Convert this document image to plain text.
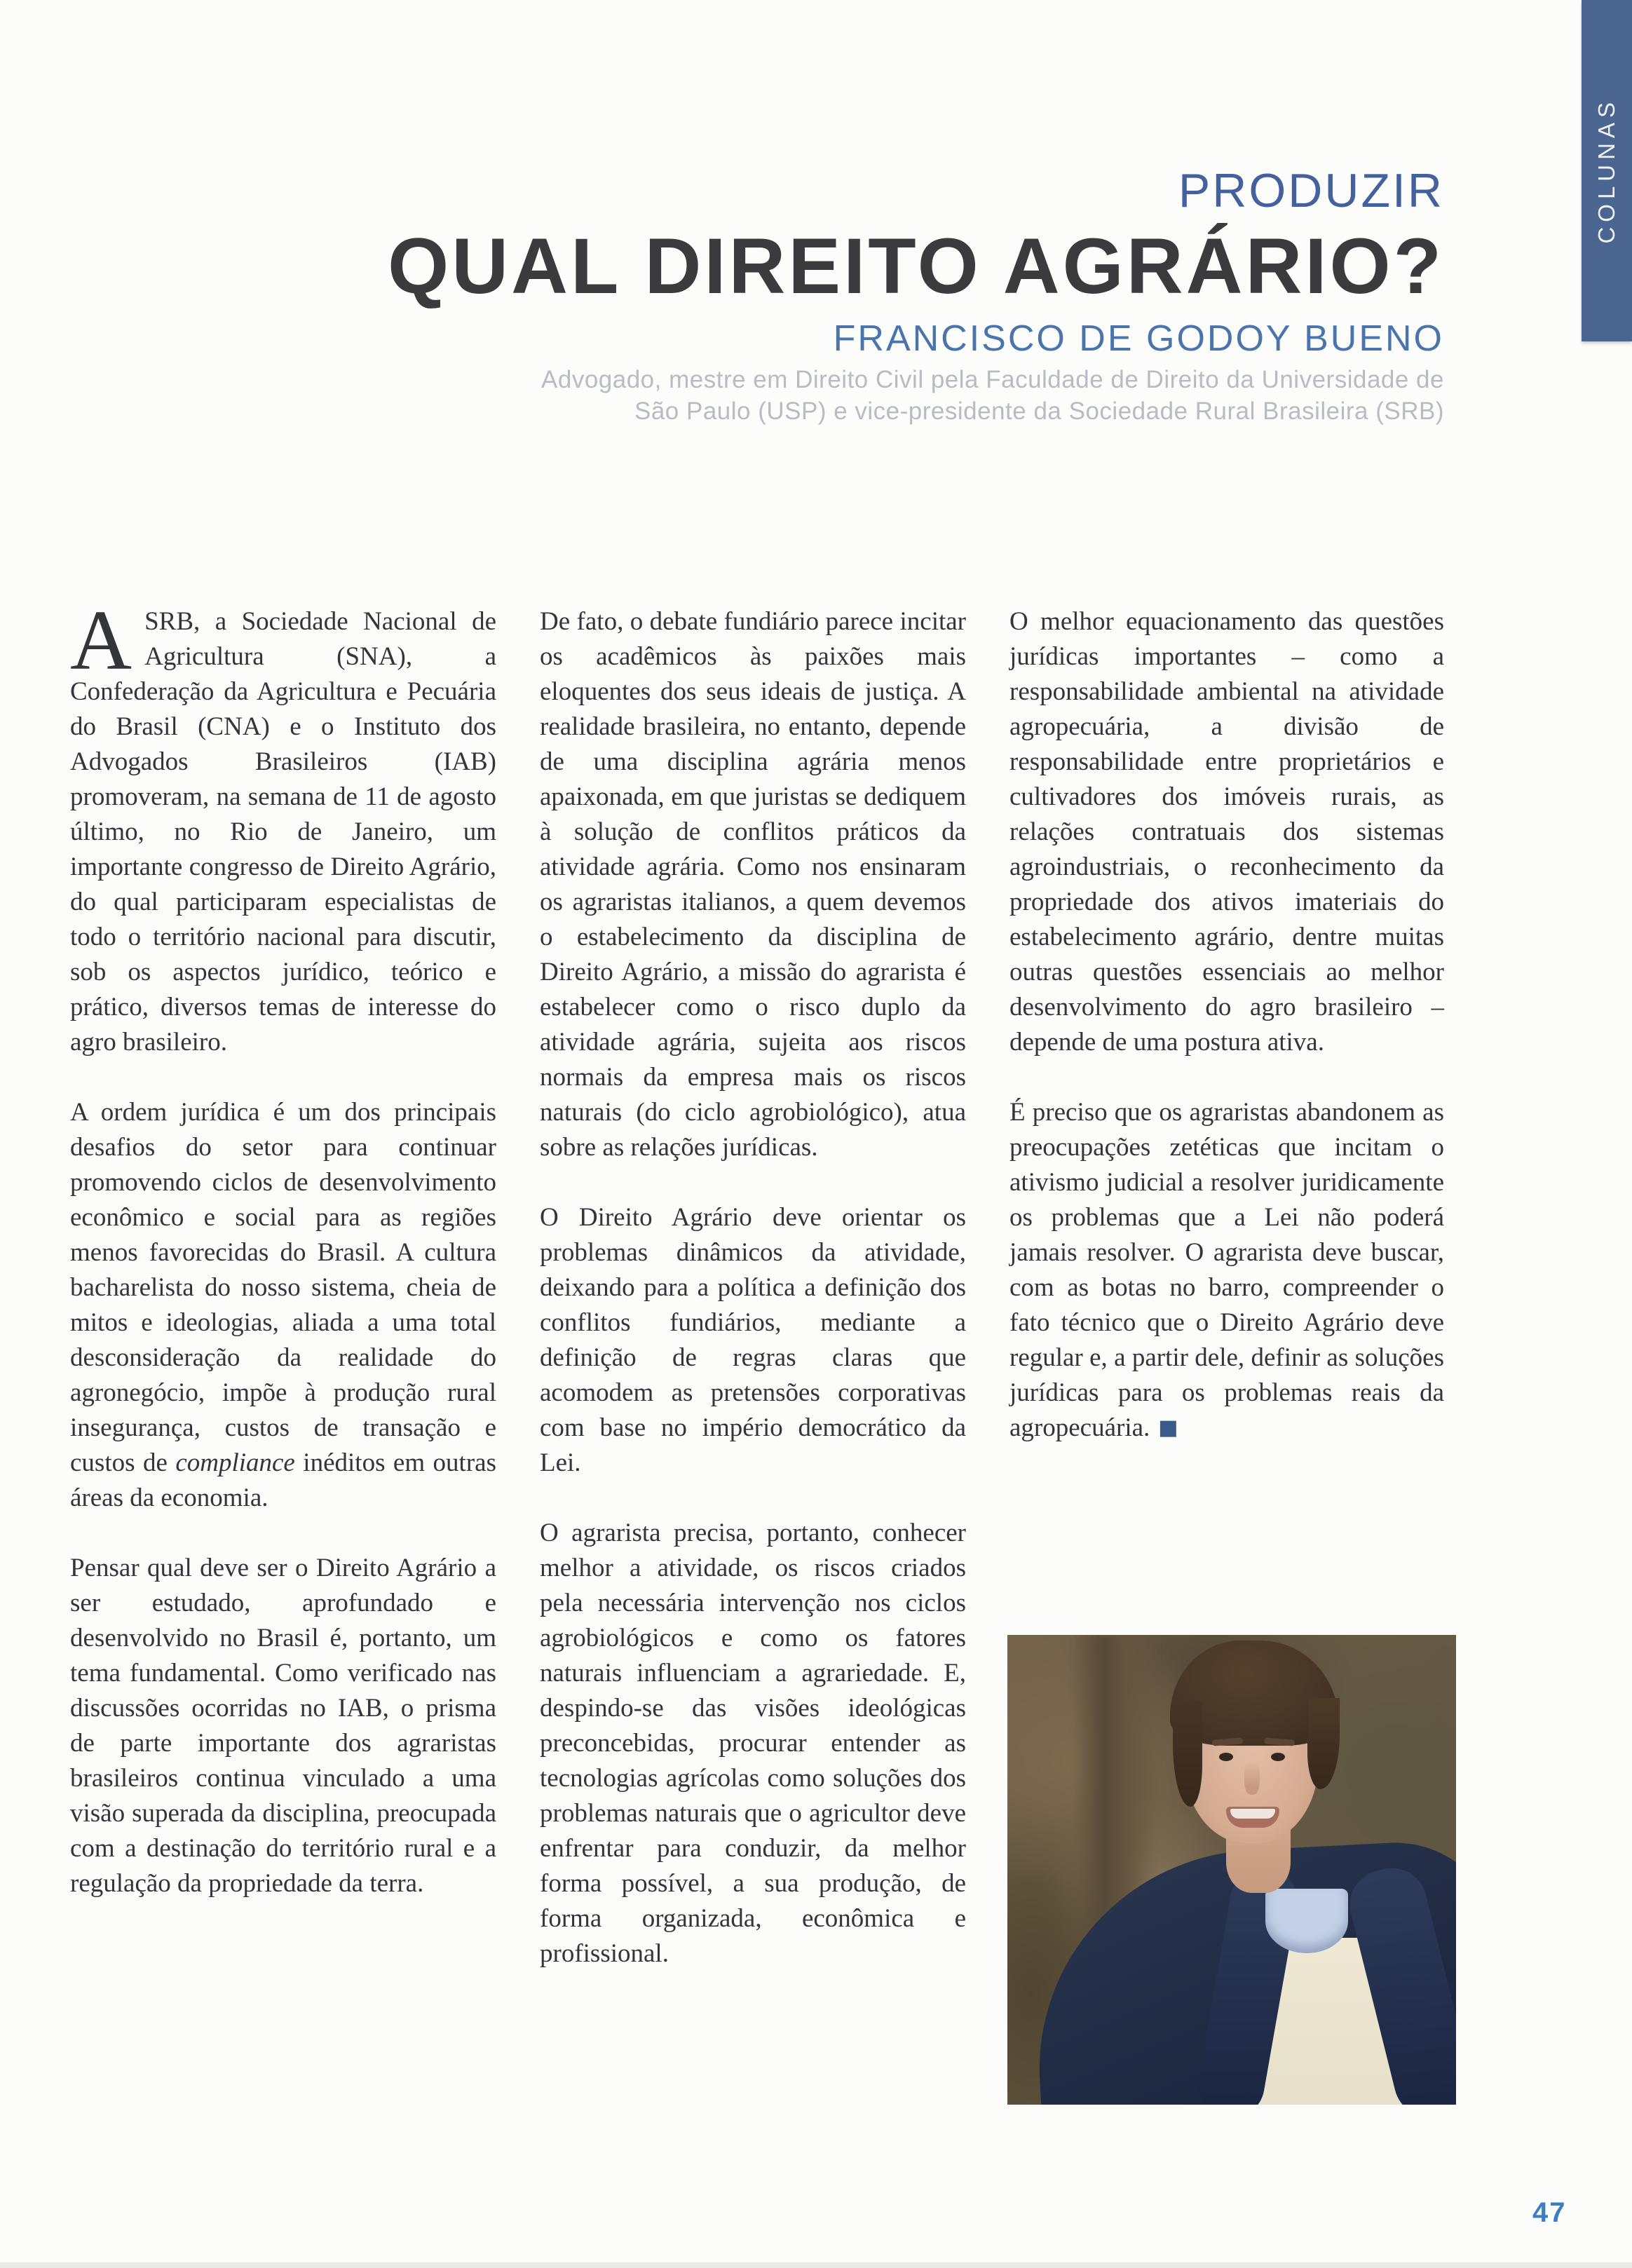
COLUNAS
PRODUZIR
QUAL DIREITO AGRÁRIO?
FRANCISCO DE GODOY BUENO
Advogado, mestre em Direito Civil pela Faculdade de Direito da Universidade de
São Paulo (USP) e vice-presidente da Sociedade Rural Brasileira (SRB)

ASRB, a Sociedade Nacional de Agricultura (SNA), a Confederação da Agricultura e Pecuária do Brasil (CNA) e o Instituto dos Advogados Brasileiros (IAB) promoveram, na semana de 11 de agosto último, no Rio de Janeiro, um importante congresso de Direito Agrário, do qual participaram especialistas de todo o território nacional para discutir, sob os aspectos jurídico, teórico e prático, diversos temas de interesse do agro brasileiro.

A ordem jurídica é um dos principais desafios do setor para continuar promovendo ciclos de desenvolvimento econômico e social para as regiões menos favorecidas do Brasil. A cultura bacharelista do nosso sistema, cheia de mitos e ideologias, aliada a uma total desconsideração da realidade do agronegócio, impõe à produção rural insegurança, custos de transação e custos de compliance inéditos em outras áreas da economia.

Pensar qual deve ser o Direito Agrário a ser estudado, aprofundado e desenvolvido no Brasil é, portanto, um tema fundamental. Como verificado nas discussões ocorridas no IAB, o prisma de parte importante dos agraristas brasileiros continua vinculado a uma visão superada da disciplina, preocupada com a destinação do território rural e a regulação da propriedade da terra.

De fato, o debate fundiário parece incitar os acadêmicos às paixões mais eloquentes dos seus ideais de justiça. A realidade brasileira, no entanto, depende de uma disciplina agrária menos apaixonada, em que juristas se dediquem à solução de conflitos práticos da atividade agrária. Como nos ensinaram os agraristas italianos, a quem devemos o estabelecimento da disciplina de Direito Agrário, a missão do agrarista é estabelecer como o risco duplo da atividade agrária, sujeita aos riscos normais da empresa mais os riscos naturais (do ciclo agrobiológico), atua sobre as relações jurídicas.

O Direito Agrário deve orientar os problemas dinâmicos da atividade, deixando para a política a definição dos conflitos fundiários, mediante a definição de regras claras que acomodem as pretensões corporativas com base no império democrático da Lei.

O agrarista precisa, portanto, conhecer melhor a atividade, os riscos criados pela necessária intervenção nos ciclos agrobiológicos e como os fatores naturais influenciam a agrariedade. E, despindo-se das visões ideológicas preconcebidas, procurar entender as tecnologias agrícolas como soluções dos problemas naturais que o agricultor deve enfrentar para conduzir, da melhor forma possível, a sua produção, de forma organizada, econômica e profissional.

O melhor equacionamento das questões jurídicas importantes – como a responsabilidade ambiental na atividade agropecuária, a divisão de responsabilidade entre proprietários e cultivadores dos imóveis rurais, as relações contratuais dos sistemas agroindustriais, o reconhecimento da propriedade dos ativos imateriais do estabelecimento agrário, dentre muitas outras questões essenciais ao melhor desenvolvimento do agro brasileiro – depende de uma postura ativa.

É preciso que os agraristas abandonem as preocupações zetéticas que incitam o ativismo judicial a resolver juridicamente os problemas que a Lei não poderá jamais resolver. O agrarista deve buscar, com as botas no barro, compreender o fato técnico que o Direito Agrário deve regular e, a partir dele, definir as soluções jurídicas para os problemas reais da agropecuária. ■

47
